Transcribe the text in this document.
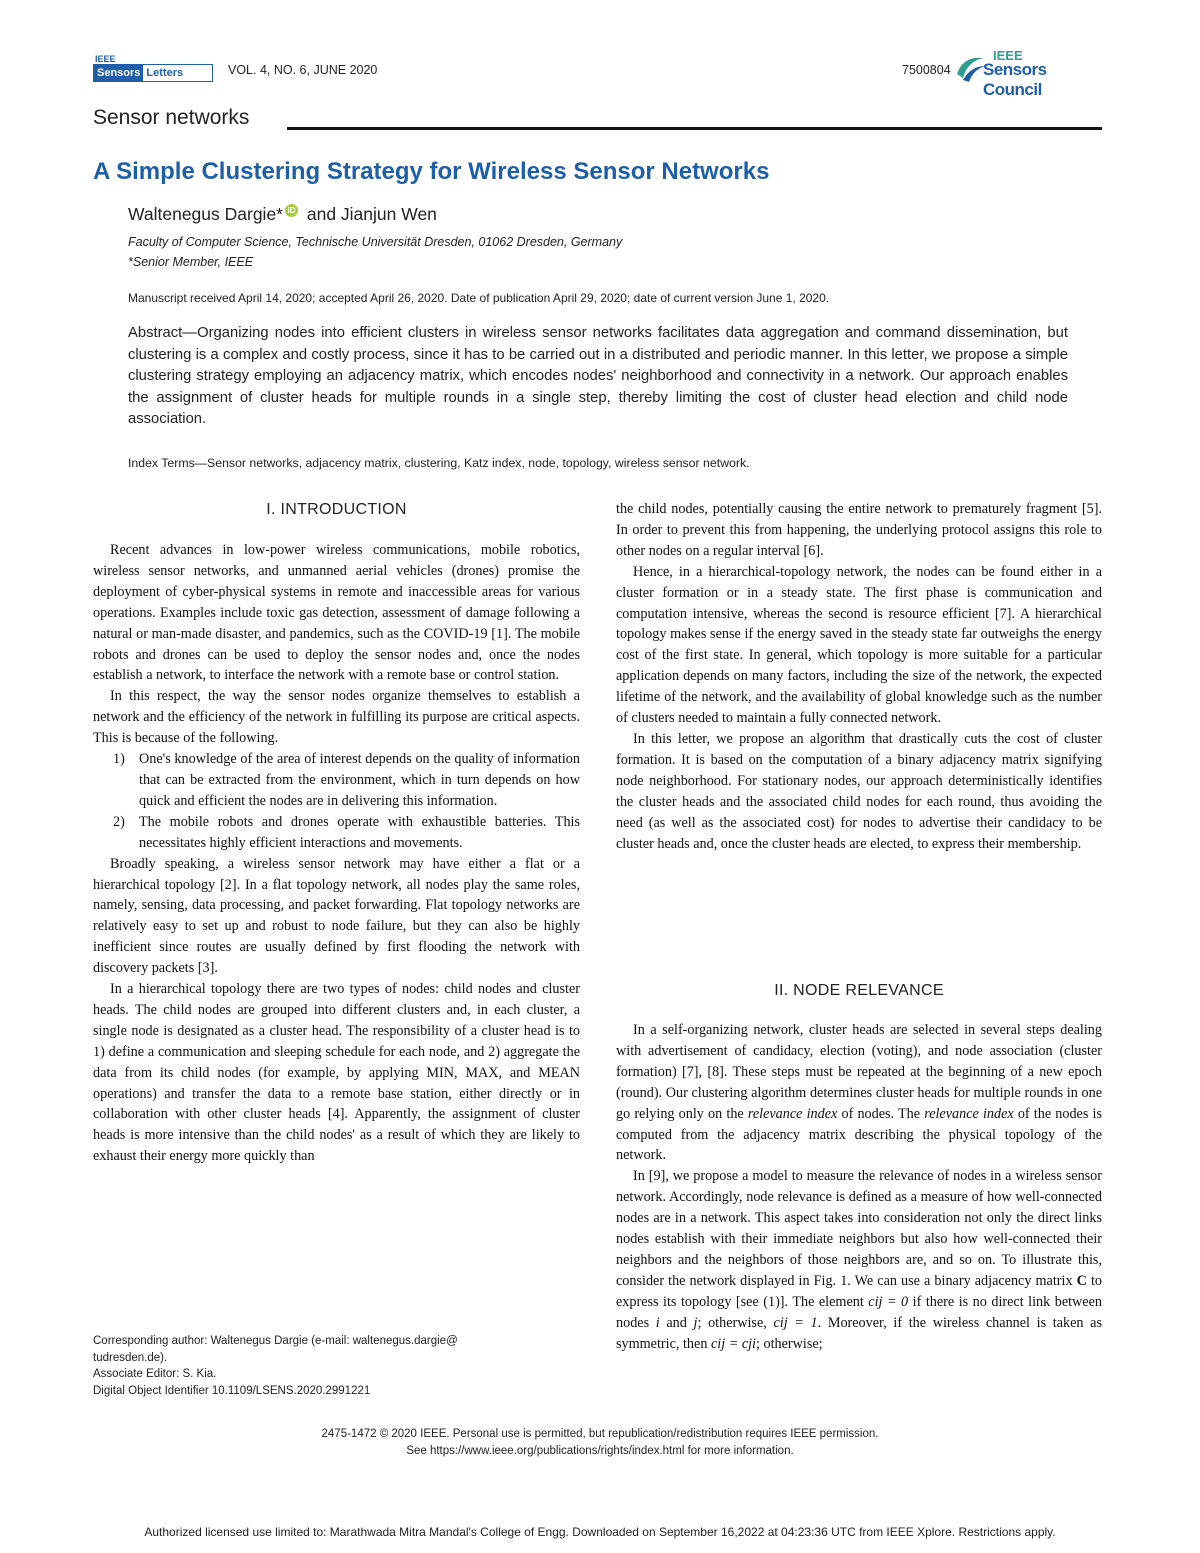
IEEE
Sensors Letters	VOL. 4, NO. 6, JUNE 2020	7500804
IEEE
Sensors Council
Sensor networks
A Simple Clustering Strategy for Wireless Sensor Networks
Waltenegus Dargie* iD and Jianjun Wen
Faculty of Computer Science, Technische Universität Dresden, 01062 Dresden, Germany
*Senior Member, IEEE
Manuscript received April 14, 2020; accepted April 26, 2020. Date of publication April 29, 2020; date of current version June 1, 2020.
Abstract—Organizing nodes into efficient clusters in wireless sensor networks facilitates data aggregation and command dissemination, but clustering is a complex and costly process, since it has to be carried out in a distributed and periodic manner. In this letter, we propose a simple clustering strategy employing an adjacency matrix, which encodes nodes' neighborhood and connectivity in a network. Our approach enables the assignment of cluster heads for multiple rounds in a single step, thereby limiting the cost of cluster head election and child node association.
Index Terms—Sensor networks, adjacency matrix, clustering, Katz index, node, topology, wireless sensor network.
I. INTRODUCTION

Recent advances in low-power wireless communications, mobile robotics, wireless sensor networks, and unmanned aerial vehicles (drones) promise the deployment of cyber-physical systems in remote and inaccessible areas for various operations. Examples include toxic gas detection, assessment of damage following a natural or man-made disaster, and pandemics, such as the COVID-19 [1]. The mobile robots and drones can be used to deploy the sensor nodes and, once the nodes establish a network, to interface the network with a remote base or control station.

In this respect, the way the sensor nodes organize themselves to establish a network and the efficiency of the network in fulfilling its purpose are critical aspects. This is because of the following.

1) One's knowledge of the area of interest depends on the quality of information that can be extracted from the environment, which in turn depends on how quick and efficient the nodes are in delivering this information.
2) The mobile robots and drones operate with exhaustible batteries. This necessitates highly efficient interactions and movements.

Broadly speaking, a wireless sensor network may have either a flat or a hierarchical topology [2]. In a flat topology network, all nodes play the same roles, namely, sensing, data processing, and packet forwarding. Flat topology networks are relatively easy to set up and robust to node failure, but they can also be highly inefficient since routes are usually defined by first flooding the network with discovery packets [3].

In a hierarchical topology there are two types of nodes: child nodes and cluster heads. The child nodes are grouped into different clusters and, in each cluster, a single node is designated as a cluster head. The responsibility of a cluster head is to 1) define a communication and sleeping schedule for each node, and 2) aggregate the data from its child nodes (for example, by applying MIN, MAX, and MEAN operations) and transfer the data to a remote base station, either directly or in collaboration with other cluster heads [4]. Apparently, the assignment of cluster heads is more intensive than the child nodes' as a result of which they are likely to exhaust their energy more quickly than

Corresponding author: Waltenegus Dargie (e-mail: waltenegus.dargie@
tudresden.de).
Associate Editor: S. Kia.
Digital Object Identifier 10.1109/LSENS.2020.2991221

the child nodes, potentially causing the entire network to prematurely fragment [5]. In order to prevent this from happening, the underlying protocol assigns this role to other nodes on a regular interval [6].

Hence, in a hierarchical-topology network, the nodes can be found either in a cluster formation or in a steady state. The first phase is communication and computation intensive, whereas the second is resource efficient [7]. A hierarchical topology makes sense if the energy saved in the steady state far outweighs the energy cost of the first state. In general, which topology is more suitable for a particular application depends on many factors, including the size of the network, the expected lifetime of the network, and the availability of global knowledge such as the number of clusters needed to maintain a fully connected network.

In this letter, we propose an algorithm that drastically cuts the cost of cluster formation. It is based on the computation of a binary adjacency matrix signifying node neighborhood. For stationary nodes, our approach deterministically identifies the cluster heads and the associated child nodes for each round, thus avoiding the need (as well as the associated cost) for nodes to advertise their candidacy to be cluster heads and, once the cluster heads are elected, to express their membership.

II. NODE RELEVANCE

In a self-organizing network, cluster heads are selected in several steps dealing with advertisement of candidacy, election (voting), and node association (cluster formation) [7], [8]. These steps must be repeated at the beginning of a new epoch (round). Our clustering algorithm determines cluster heads for multiple rounds in one go relying only on the relevance index of nodes. The relevance index of the nodes is computed from the adjacency matrix describing the physical topology of the network.

In [9], we propose a model to measure the relevance of nodes in a wireless sensor network. Accordingly, node relevance is defined as a measure of how well-connected nodes are in a network. This aspect takes into consideration not only the direct links nodes establish with their immediate neighbors but also how well-connected their neighbors and the neighbors of those neighbors are, and so on. To illustrate this, consider the network displayed in Fig. 1. We can use a binary adjacency matrix C to express its topology [see (1)]. The element cij = 0 if there is no direct link between nodes i and j; otherwise, cij = 1. Moreover, if the wireless channel is taken as symmetric, then cij = cji; otherwise;

2475-1472 © 2020 IEEE. Personal use is permitted, but republication/redistribution requires IEEE permission.
See https://www.ieee.org/publications/rights/index.html for more information.
Authorized licensed use limited to: Marathwada Mitra Mandal's College of Engg. Downloaded on September 16,2022 at 04:23:36 UTC from IEEE Xplore. Restrictions apply.
